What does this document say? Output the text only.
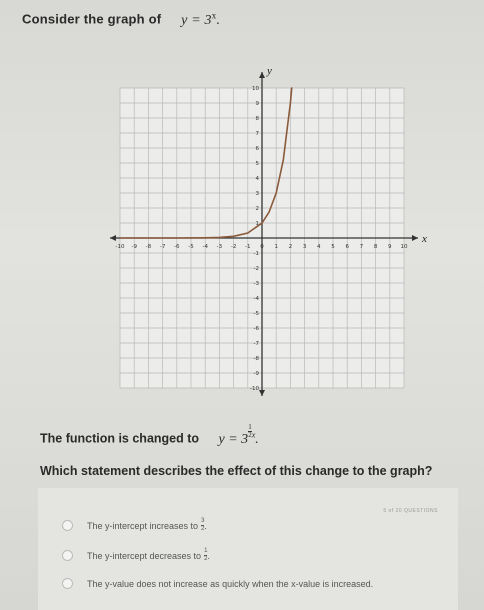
Consider the graph of $y = 3^x$.
x
y
-10 -9 -8 -7 -6 -5 -4 -3 -2 -1 0 1 2 3 4 5 6 7 8 9 10
-10
-9
-8
-7
-6
-5
-4
-3
-2
-1
1
2
3
4
5
6
7
8
9
10
The function is changed to y = 3
$\frac{1}{2} ^x$.
Which statement describes the effect of this change to the graph?
5 of 20 QUESTIONS
The y-intercept increases to $\frac{3}{2}$ .
The y-intercept decreases to $\frac{1}{2}$ .
The y-value does not increase as quickly when the x-value is increased.
